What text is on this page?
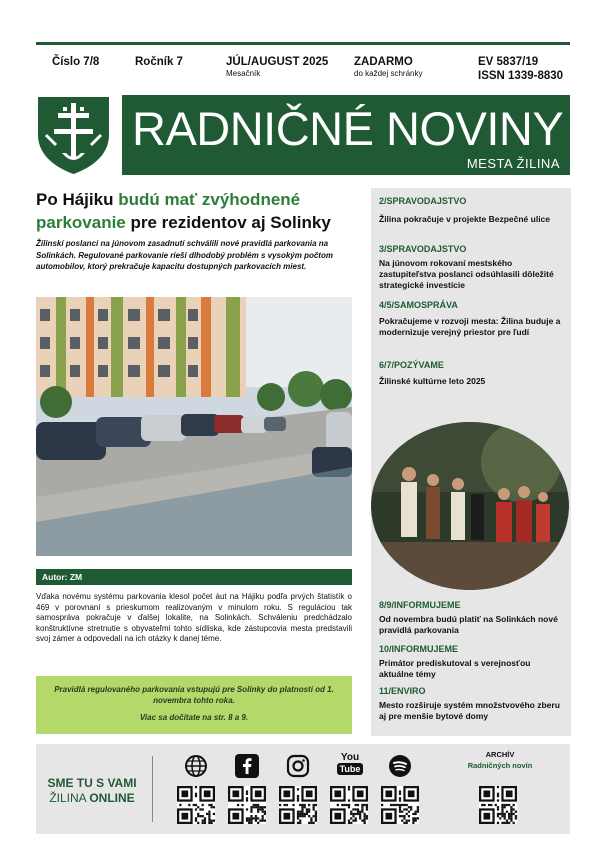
Číslo 7/8	Ročník 7	JÚL/AUGUST 2025
Mesačník
ZADARMO
do každej schránky
EV 5837/19
ISSN 1339-8830
RADNIČNÉ NOVINY
MESTA ŽILINA
Po Hájiku budú mať zvýhodnené parkovanie pre rezidentov aj Solinky
Žilinskí poslanci na júnovom zasadnutí schválili nové pravidlá parkovania na Solinkách. Regulované parkovanie rieši dlhodobý problém s vysokým počtom automobilov, ktorý prekračuje kapacitu dostupných parkovacích miest.
Autor: ZM
Vďaka novému systému parkovania klesol počet áut na Hájiku podľa prvých štatistík o 469 v porovnaní s prieskumom realizovaným v minulom roku. S reguláciou tak samospráva pokračuje v ďalšej lokalite, na Solinkách. Schváleniu predchádzalo konštruktívne stretnutie s obyvateľmi tohto sídliska, kde zástupcovia mesta predstavili svoj zámer a odpovedali na ich otázky k danej téme.

Pravidlá regulovaného parkovania vstupujú pre Solinky do platnosti od 1. novembra tohto roka.

Viac sa dočítate na str. 8 a 9.

2/SPRAVODAJSTVO
Žilina pokračuje v projekte Bezpečné ulice
3/SPRAVODAJSTVO
Na júnovom rokovaní mestského zastupiteľstva poslanci odsúhlasili dôležité strategické investície
4/5/SAMOSPRÁVA
Pokračujeme v rozvoji mesta: Žilina buduje a modernizuje verejný priestor pre ľudí
6/7/POZÝVAME
Žilinské kultúrne leto 2025
8/9/INFORMUJEME
Od novembra budú platiť na Solinkách nové pravidlá parkovania
10/INFORMUJEME
Primátor prediskutoval s verejnosťou aktuálne témy
11/ENVIRO
Mesto rozširuje systém množstvového zberu aj pre menšie bytové domy
SME TU S VAMI
ŽILINA ONLINE
You
Tube
ARCHÍV
Radničných novín
